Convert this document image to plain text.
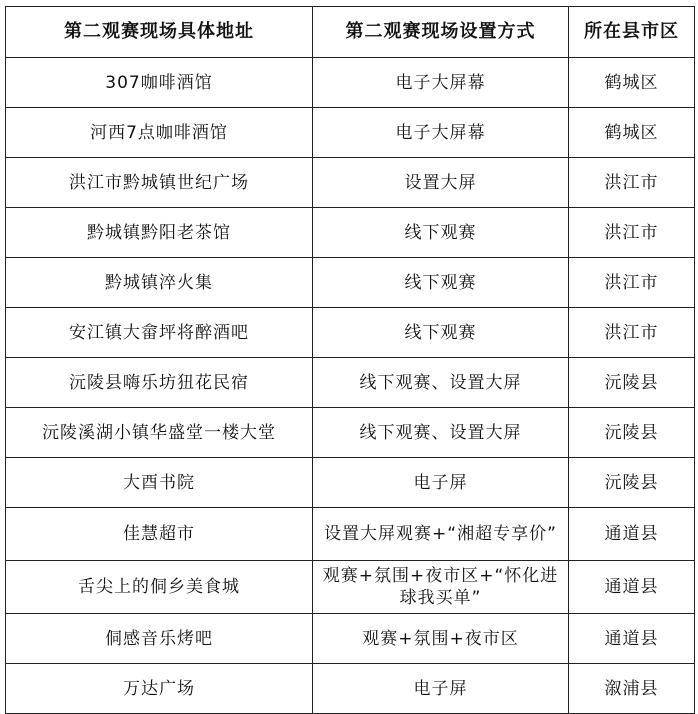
第二观赛现场具体地址	第二观赛现场设置方式	所在县市区
307咖啡酒馆	电子大屏幕	鹤城区
河西7点咖啡酒馆	电子大屏幕	鹤城区
洪江市黔城镇世纪广场	设置大屏	洪江市
黔城镇黔阳老茶馆	线下观赛	洪江市
黔城镇淬火集	线下观赛	洪江市
安江镇大畲坪将醉酒吧	线下观赛	洪江市
沅陵县嗨乐坊狃花民宿	线下观赛、设置大屏	沅陵县
沅陵溪湖小镇华盛堂一楼大堂	线下观赛、设置大屏	沅陵县
大酉书院	电子屏	沅陵县
佳慧超市	设置大屏观赛+“湘超专享价”	通道县
舌尖上的侗乡美食城	观赛+氛围+夜市区+“怀化进球我买单”	通道县
侗感音乐烤吧	观赛+氛围+夜市区	通道县
万达广场	电子屏	溆浦县
